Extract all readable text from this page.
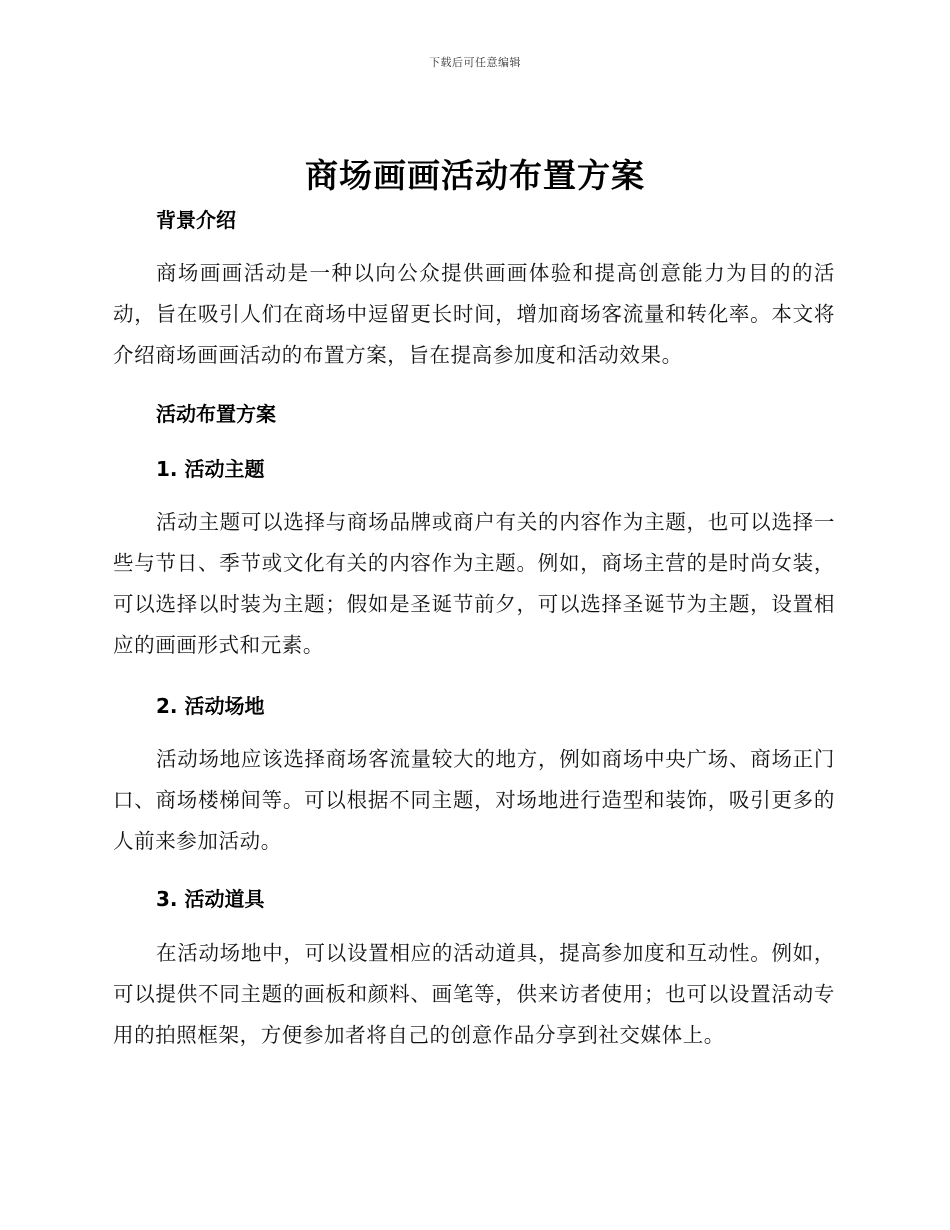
下载后可任意编辑
商场画画活动布置方案

背景介绍

商场画画活动是一种以向公众提供画画体验和提高创意能力为目的的活动，旨在吸引人们在商场中逗留更长时间，增加商场客流量和转化率。本文将介绍商场画画活动的布置方案，旨在提高参加度和活动效果。

活动布置方案

1. 活动主题

活动主题可以选择与商场品牌或商户有关的内容作为主题，也可以选择一些与节日、季节或文化有关的内容作为主题。例如，商场主营的是时尚女装，可以选择以时装为主题；假如是圣诞节前夕，可以选择圣诞节为主题，设置相应的画画形式和元素。

2. 活动场地

活动场地应该选择商场客流量较大的地方，例如商场中央广场、商场正门口、商场楼梯间等。可以根据不同主题，对场地进行造型和装饰，吸引更多的人前来参加活动。

3. 活动道具

在活动场地中，可以设置相应的活动道具，提高参加度和互动性。例如，可以提供不同主题的画板和颜料、画笔等，供来访者使用；也可以设置活动专用的拍照框架，方便参加者将自己的创意作品分享到社交媒体上。
